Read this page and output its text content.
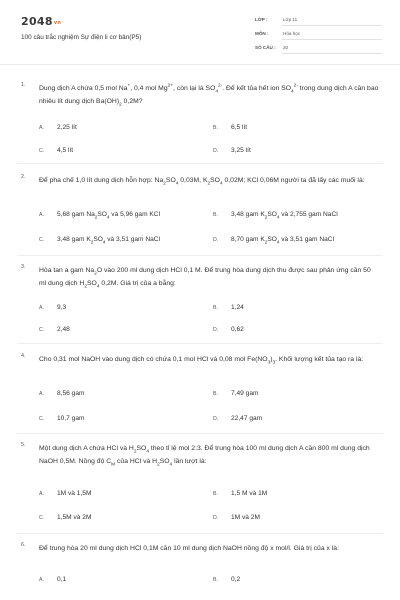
2048vn
100 câu trắc nghiệm Sự điện li cơ bản(P5)
LỚP :	Lớp 11
MÔN :	Hóa học
SỐ CÂU : 20
1. Dung dịch A chứa 0,5 mol Na+, 0,4 mol $Mg^{2+}$, còn lại là $SO_4^{2-}$. Để kết tủa hết ion $SO_4^{2-}$ trong dung dịch A cần bao nhiêu lít dung dịch $Ba(OH)_2$ 0,2M?
A. 2,25 lít	B. 6,5 lít
C. 4,5 lít	D. 3,25 lít
2. Để pha chế 1,0 lít dung dịch hỗn hợp: $Na_2SO_4$ 0,03M, $K_2SO_4$ 0,02M; KCl 0,06M người ta đã lấy các muối là:
A. 5,68 gam $Na_2SO_4$ và 5,96 gam KCl	B. 3,48 gam $K_2SO_4$ và 2,755 gam NaCl
C. 3,48 gam $K_2SO_4$ và 3,51 gam NaCl	D. 8,70 gam $K_2SO_4$ và 3,51 gam NaCl
3. Hòa tan a gam $Na_2O$ vào 200 ml dung dịch HCl 0,1 M. Để trung hòa dung dịch thu được sau phản ứng cần 50 ml dung dịch $H_2SO_4$ 0,2M. Giá trị của a bằng:
A. 9,3	B. 1,24
C. 2,48	D. 0,62
4. Cho 0,31 mol NaOH vào dung dịch có chứa 0,1 mol HCl và 0,08 mol $Fe(NO_3)_3$. Khối lượng kết tủa tạo ra là:
A. 8,56 gam	B. 7,49 gam
C. 10,7 gam	D. 22,47 gam
5. Một dung dịch A chứa HCl và $H_2SO_4$ theo tỉ lệ mol 2:3. Để trung hòa 100 ml dung dịch A cần 800 ml dung dịch NaOH 0,5M. Nồng độ $C_M$ của HCl và $H_2SO_4$ lần lượt là:
A. 1M và 1,5M	B. 1,5 M và 1M
C. 1,5M và 2M	D. 1M và 2M
6. Để trung hòa 20 ml dung dịch HCl 0,1M cần 10 ml dung dịch NaOH nồng độ x mol/l. Giá trị của x là:
A. 0,1	B. 0,2
